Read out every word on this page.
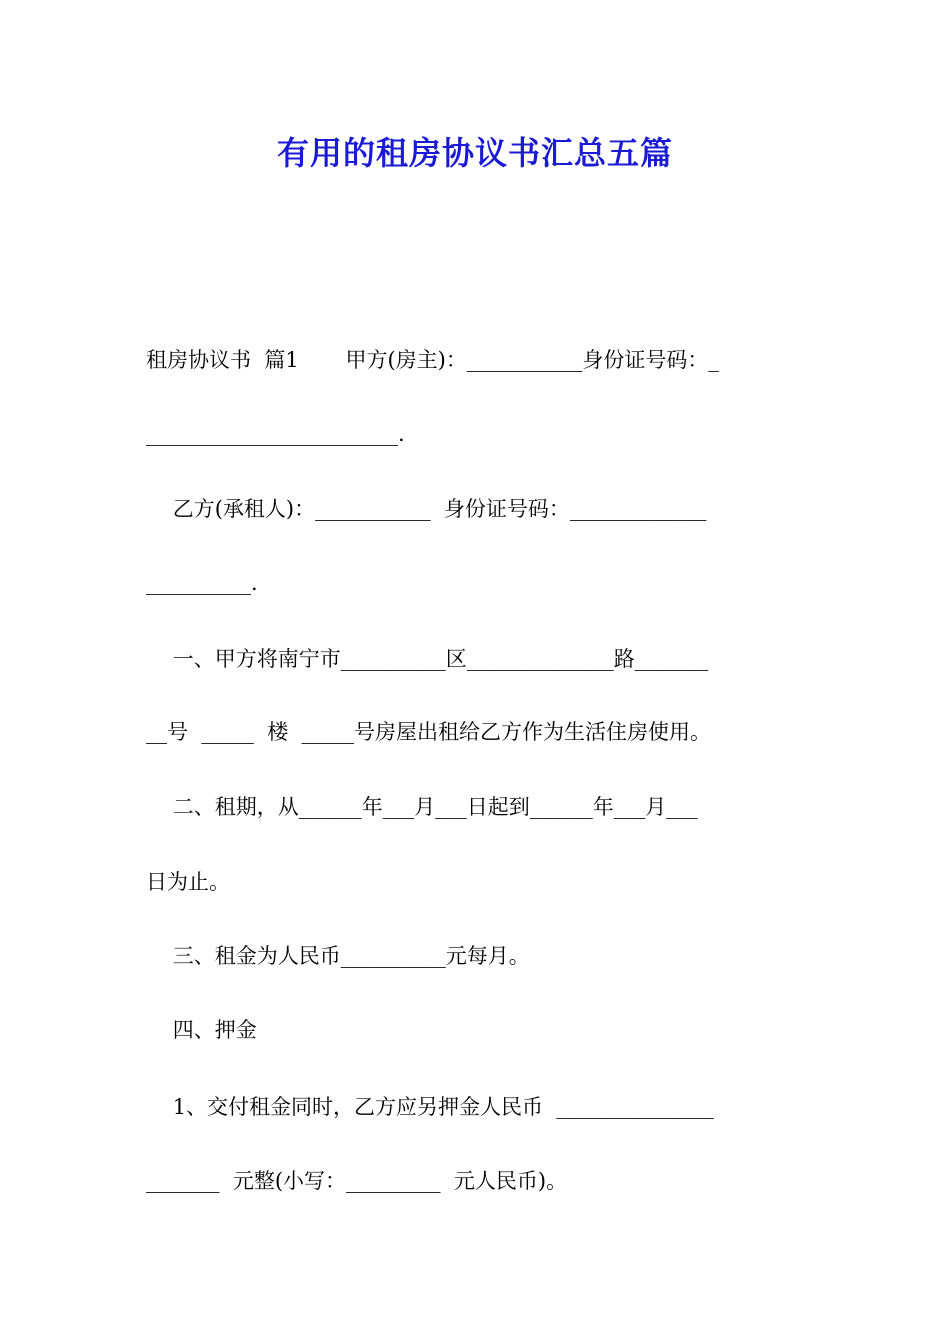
有用的租房协议书汇总五篇

租房协议书  篇1       甲方(房主)：___________身份证号码：_

________________________.

乙方(承租人)：___________  身份证号码：_____________

__________.

一、甲方将南宁市__________区______________路_______

__号  _____  楼  _____号房屋出租给乙方作为生活住房使用。

二、租期，从______年___月___日起到______年___月___

日为止。

三、租金为人民币__________元每月。

四、押金

1、交付租金同时，乙方应另押金人民币  _______________

_______  元整(小写：_________  元人民币)。
